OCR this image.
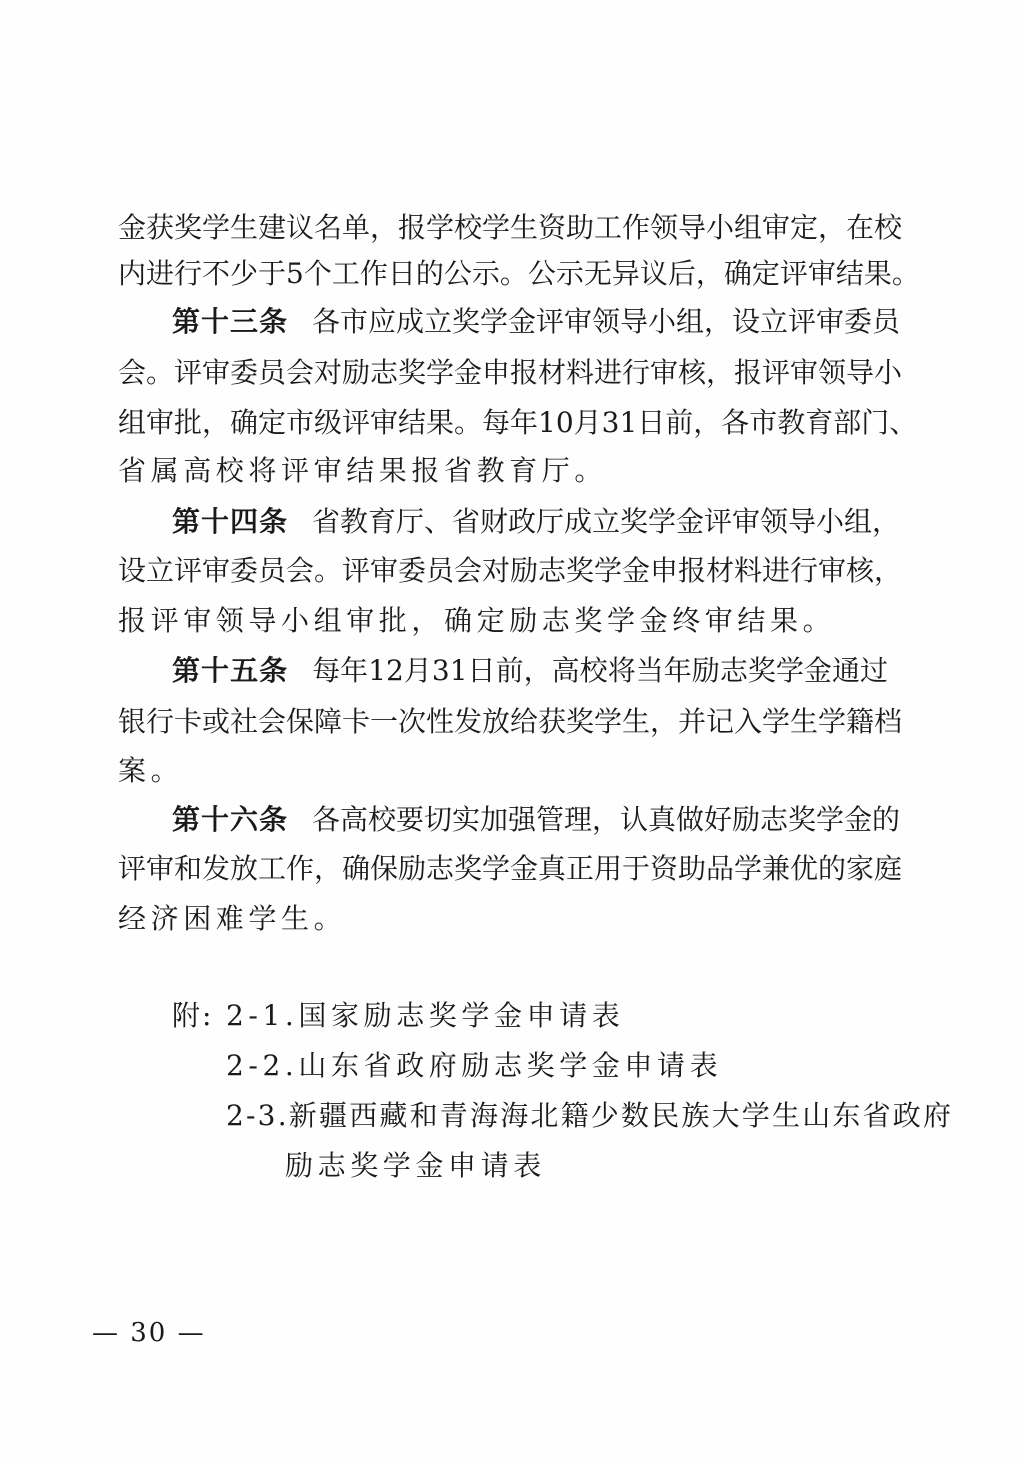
金获奖学生建议名单，报学校学生资助工作领导小组审定，在校
内进行不少于5个工作日的公示。公示无异议后，确定评审结果。
第十三条 各市应成立奖学金评审领导小组，设立评审委员
会。评审委员会对励志奖学金申报材料进行审核，报评审领导小
组审批，确定市级评审结果。每年10月31日前，各市教育部门、
省属高校将评审结果报省教育厅。
第十四条 省教育厅、省财政厅成立奖学金评审领导小组，
设立评审委员会。评审委员会对励志奖学金申报材料进行审核，
报评审领导小组审批，确定励志奖学金终审结果。
第十五条 每年12月31日前，高校将当年励志奖学金通过
银行卡或社会保障卡一次性发放给获奖学生，并记入学生学籍档
案。
第十六条 各高校要切实加强管理，认真做好励志奖学金的
评审和发放工作，确保励志奖学金真正用于资助品学兼优的家庭
经济困难学生。
附: 2-1.国家励志奖学金申请表
2-2.山东省政府励志奖学金申请表
2-3.新疆西藏和青海海北籍少数民族大学生山东省政府
励志奖学金申请表
— 30 —
